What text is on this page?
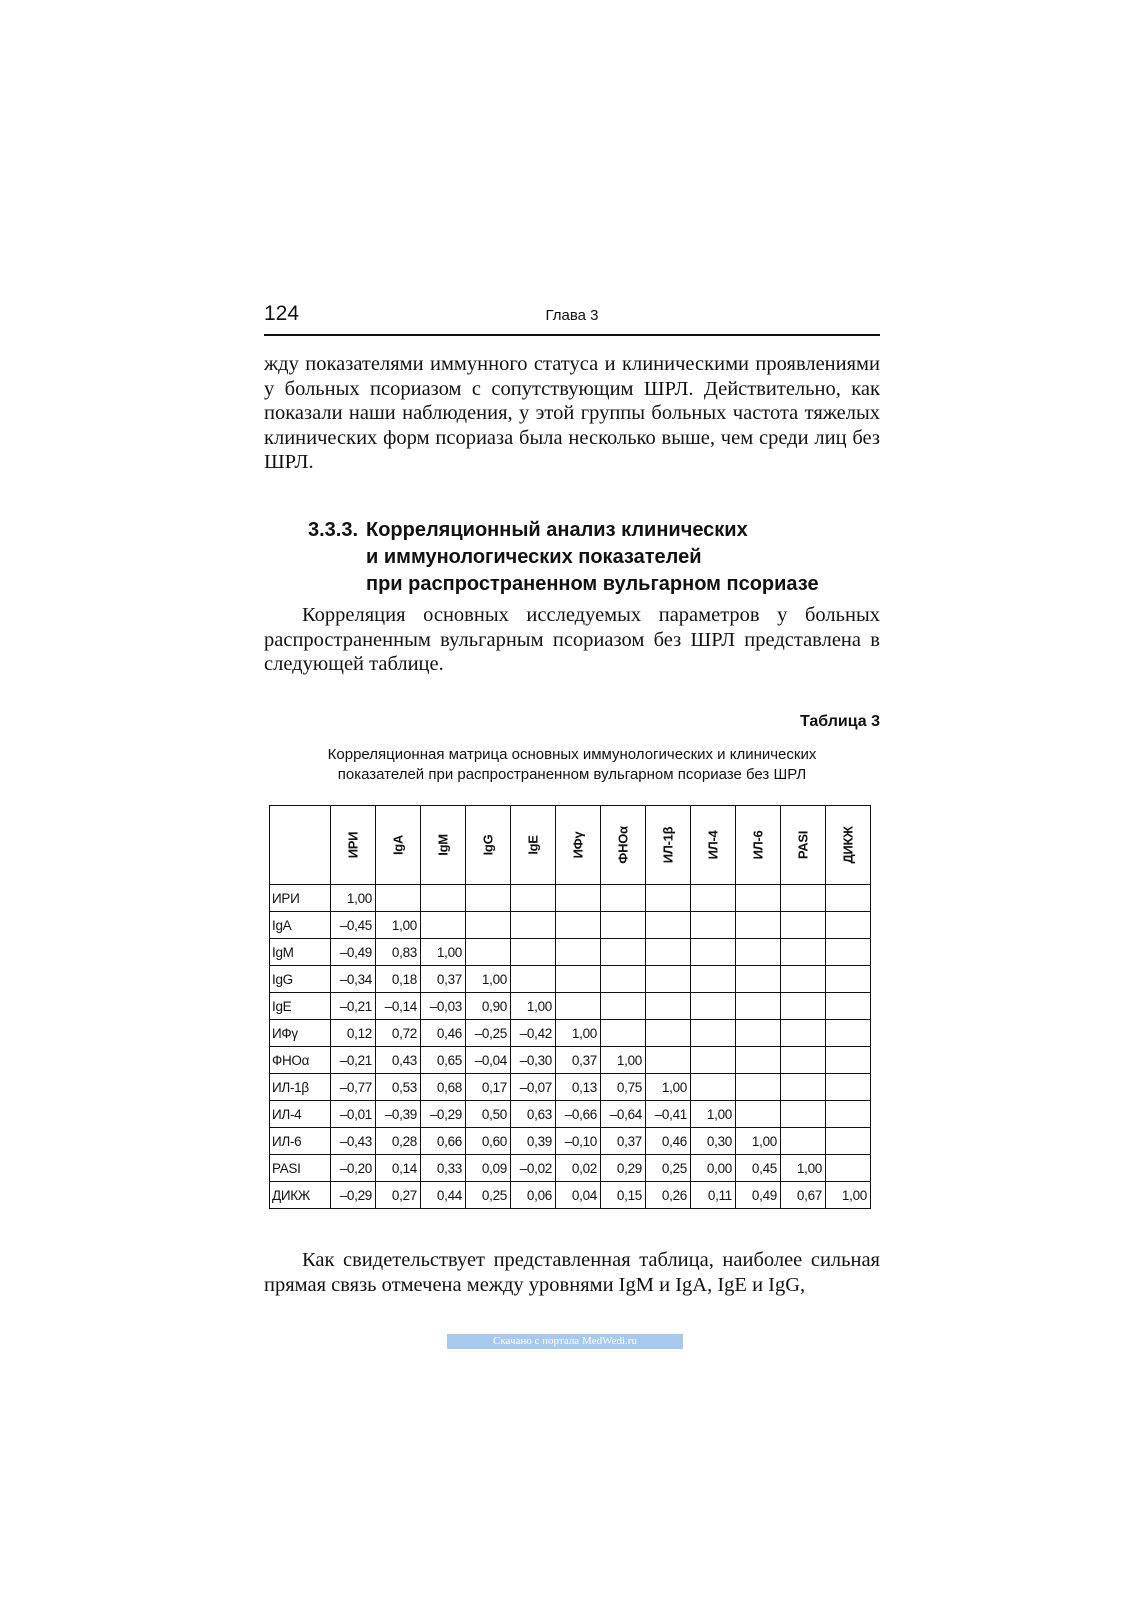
124	Глава 3

жду показателями иммунного статуса и клиническими проявлениями у больных псориазом с сопутствующим ШРЛ. Действительно, как показали наши наблюдения, у этой группы больных частота тяжелых клинических форм псориаза была несколько выше, чем среди лиц без ШРЛ.

3.3.3. Корреляционный анализ клинических
и иммунологических показателей
при распространенном вульгарном псориазе

Корреляция основных исследуемых параметров у больных распространенным вульгарным псориазом без ШРЛ представлена в следующей таблице.

Таблица 3
Корреляционная матрица основных иммунологических и клинических
показателей при распространенном вульгарном псориазе без ШРЛ

	ИРИ	IgA	IgM	IgG	IgE	ИФγ	ФНОα	ИЛ-1β	ИЛ-4	ИЛ-6	PASI	ДИКЖ

ИРИ	1,00											
IgA	–0,45	1,00										
IgM	–0,49	0,83	1,00									
IgG	–0,34	0,18	0,37	1,00								
IgE	–0,21	–0,14	–0,03	0,90	1,00							
ИФγ	0,12	0,72	0,46	–0,25	–0,42	1,00						
ФНОα	–0,21	0,43	0,65	–0,04	–0,30	0,37	1,00					
ИЛ-1β	–0,77	0,53	0,68	0,17	–0,07	0,13	0,75	1,00				
ИЛ-4	–0,01	–0,39	–0,29	0,50	0,63	–0,66	–0,64	–0,41	1,00			
ИЛ-6	–0,43	0,28	0,66	0,60	0,39	–0,10	0,37	0,46	0,30	1,00		
PASI	–0,20	0,14	0,33	0,09	–0,02	0,02	0,29	0,25	0,00	0,45	1,00	
ДИКЖ	–0,29	0,27	0,44	0,25	0,06	0,04	0,15	0,26	0,11	0,49	0,67	1,00

Как свидетельствует представленная таблица, наиболее сильная прямая связь отмечена между уровнями IgM и IgA, IgE и IgG,

Скачано с портала MedWedi.ru
